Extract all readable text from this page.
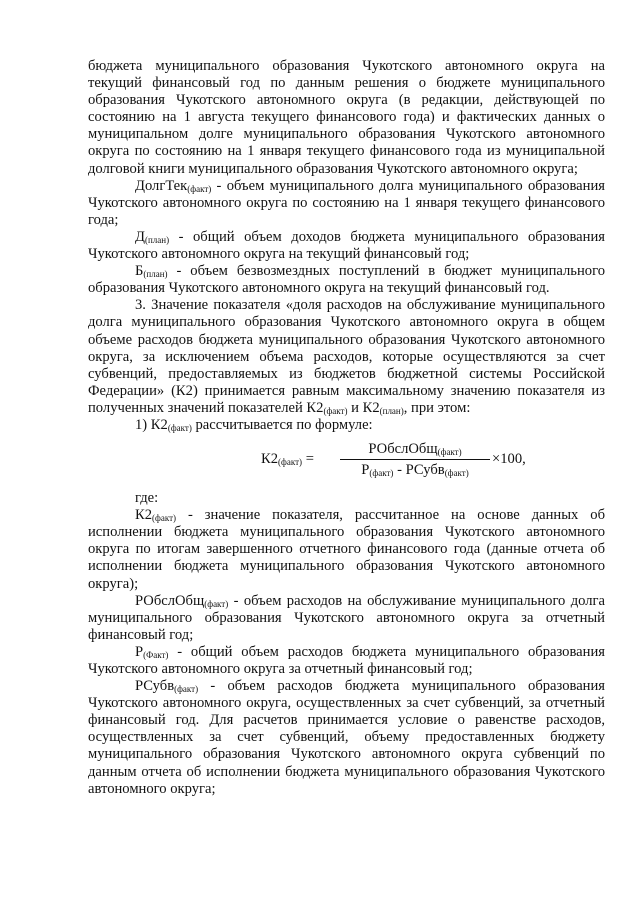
бюджета муниципального образования Чукотского автономного округа на текущий финансовый год по данным решения о бюджете муниципального образования Чукотского автономного округа (в редакции, действующей по состоянию на 1 августа текущего финансового года) и фактических данных о муниципальном долге муниципального образования Чукотского автономного округа по состоянию на 1 января текущего финансового года из муниципальной долговой книги муниципального образования Чукотского автономного округа;

ДолгТек$_{(факт)}$ - объем муниципального долга муниципального образования Чукотского автономного округа по состоянию на 1 января текущего финансового года;

$Д_{(план)}$ - общий объем доходов бюджета муниципального образования Чукотского автономного округа на текущий финансовый год;

$Б_{(план)}$ - объем безвозмездных поступлений в бюджет муниципального образования Чукотского автономного округа на текущий финансовый год.

3. Значение показателя «доля расходов на обслуживание муниципального долга муниципального образования Чукотского автономного округа в общем объеме расходов бюджета муниципального образования Чукотского автономного округа, за исключением объема расходов, которые осуществляются за счет субвенций, предоставляемых из бюджетов бюджетной системы Российской Федерации» (К2) принимается равным максимальному значению показателя из полученных значений показателей $К2_{(факт)}$ и $К2_{(план)}$, при этом:

1) $К2_{(факт)}$ рассчитывается по формуле:

$К2_{(факт)}$ =
РОбслОбщ$_{(факт)}$
$Р_{(факт)}$ - РСубв$_{(факт)}$
×100,

где:

$К2_{(факт)}$ - значение показателя, рассчитанное на основе данных об исполнении бюджета муниципального образования Чукотского автономного округа по итогам завершенного отчетного финансового года (данные отчета об исполнении бюджета муниципального образования Чукотского автономного округа);

РОбслОбщ$_{(факт)}$ - объем расходов на обслуживание муниципального долга муниципального образования Чукотского автономного округа за отчетный финансовый год;

$Р_{(Факт)}$ - общий объем расходов бюджета муниципального образования Чукотского автономного округа за отчетный финансовый год;

РСубв$_{(факт)}$ - объем расходов бюджета муниципального образования Чукотского автономного округа, осуществленных за счет субвенций, за отчетный финансовый год. Для расчетов принимается условие о равенстве расходов, осуществленных за счет субвенций, объему предоставленных бюджету муниципального образования Чукотского автономного округа субвенций по данным отчета об исполнении бюджета муниципального образования Чукотского автономного округа;
